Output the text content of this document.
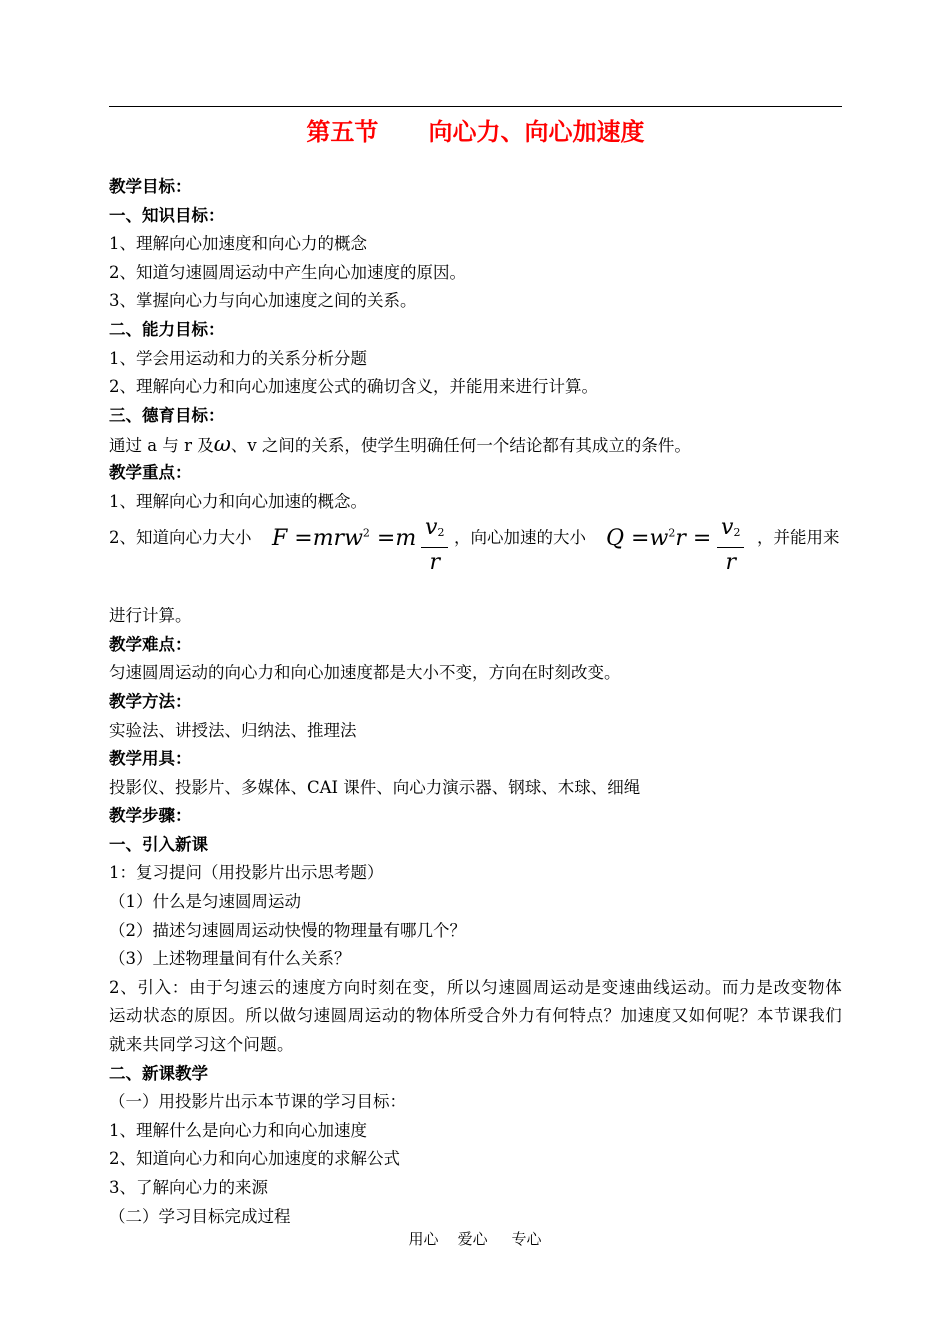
第五节      向心力、向心加速度
教学目标：
一、知识目标：
1、理解向心加速度和向心力的概念
2、知道匀速圆周运动中产生向心加速度的原因。
3、掌握向心力与向心加速度之间的关系。
二、能力目标：
1、学会用运动和力的关系分析分题
2、理解向心力和向心加速度公式的确切含义，并能用来进行计算。
三、德育目标：
通过 a 与 r 及ω、v 之间的关系，使学生明确任何一个结论都有其成立的条件。
教学重点：
1、理解向心力和向心加速的概念。
2、知道向心力大小 $F =mrw^2 =m \frac{v_2}{r}$ ，向心加速的大小 $Q =w^2r = \frac{v_2}{r}$ ，并能用来
进行计算。
教学难点：
匀速圆周运动的向心力和向心加速度都是大小不变，方向在时刻改变。
教学方法：
实验法、讲授法、归纳法、推理法
教学用具：
投影仪、投影片、多媒体、CAI 课件、向心力演示器、钢球、木球、细绳
教学步骤：
一、引入新课
1：复习提问（用投影片出示思考题）
（1）什么是匀速圆周运动
（2）描述匀速圆周运动快慢的物理量有哪几个？
（3）上述物理量间有什么关系？
2、引入：由于匀速云的速度方向时刻在变，所以匀速圆周运动是变速曲线运动。而力是改变物体运动状态的原因。所以做匀速圆周运动的物体所受合外力有何特点？加速度又如何呢？本节课我们就来共同学习这个问题。
二、新课教学
（一）用投影片出示本节课的学习目标：
1、理解什么是向心力和向心加速度
2、知道向心力和向心加速度的求解公式
3、了解向心力的来源
（二）学习目标完成过程
用心    爱心     专心
